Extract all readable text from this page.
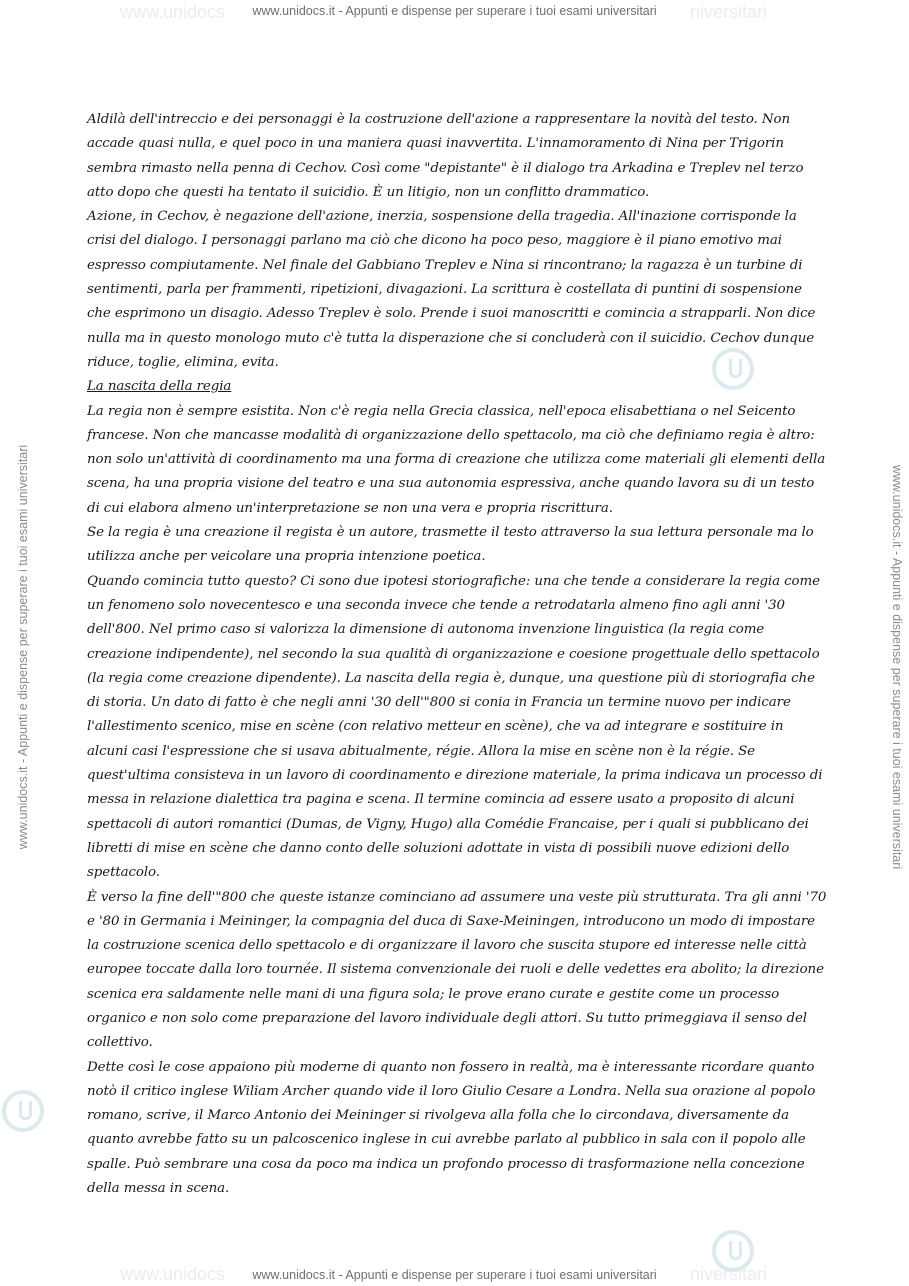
www.unidocs	niversitari
www.unidocs.it - Appunti e dispense per superare i tuoi esami universitari
www.unidocs	niversitari
www.unidocs.it - Appunti e dispense per superare i tuoi esami universitari
www.unidocs.it - Appunti e dispense per superare i tuoi esami universitari	www.unidocs.it - Appunti e dispense per superare i tuoi esami universitari

Aldilà dell'intreccio e dei personaggi è la costruzione dell'azione a rappresentare la novità del testo. Non accade quasi nulla, e quel poco in una maniera quasi inavvertita. L'innamoramento di Nina per Trigorin sembra rimasto nella penna di Cechov. Così come "depistante" è il dialogo tra Arkadina e Treplev nel terzo atto dopo che questi ha tentato il suicidio. È un litigio, non un conflitto drammatico.

Azione, in Cechov, è negazione dell'azione, inerzia, sospensione della tragedia. All'inazione corrisponde la crisi del dialogo. I personaggi parlano ma ciò che dicono ha poco peso, maggiore è il piano emotivo mai espresso compiutamente. Nel finale del Gabbiano Treplev e Nina si rincontrano; la ragazza è un turbine di sentimenti, parla per frammenti, ripetizioni, divagazioni. La scrittura è costellata di puntini di sospensione che esprimono un disagio. Adesso Treplev è solo. Prende i suoi manoscritti e comincia a strapparli. Non dice nulla ma in questo monologo muto c'è tutta la disperazione che si concluderà con il suicidio. Cechov dunque riduce, toglie, elimina, evita.

La nascita della regia

La regia non è sempre esistita. Non c'è regia nella Grecia classica, nell'epoca elisabettiana o nel Seicento francese. Non che mancasse modalità di organizzazione dello spettacolo, ma ciò che definiamo regia è altro: non solo un'attività di coordinamento ma una forma di creazione che utilizza come materiali gli elementi della scena, ha una propria visione del teatro e una sua autonomia espressiva, anche quando lavora su di un testo di cui elabora almeno un'interpretazione se non una vera e propria riscrittura.

Se la regia è una creazione il regista è un autore, trasmette il testo attraverso la sua lettura personale ma lo utilizza anche per veicolare una propria intenzione poetica.

Quando comincia tutto questo? Ci sono due ipotesi storiografiche: una che tende a considerare la regia come un fenomeno solo novecentesco e una seconda invece che tende a retrodatarla almeno fino agli anni '30 dell'800. Nel primo caso si valorizza la dimensione di autonoma invenzione linguistica (la regia come creazione indipendente), nel secondo la sua qualità di organizzazione e coesione progettuale dello spettacolo (la regia come creazione dipendente). La nascita della regia è, dunque, una questione più di storiografia che di storia. Un dato di fatto è che negli anni '30 dell'"800 si conia in Francia un termine nuovo per indicare l'allestimento scenico, mise en scène (con relativo metteur en scène), che va ad integrare e sostituire in alcuni casi l'espressione che si usava abitualmente, régie. Allora la mise en scène non è la régie. Se quest'ultima consisteva in un lavoro di coordinamento e direzione materiale, la prima indicava un processo di messa in relazione dialettica tra pagina e scena. Il termine comincia ad essere usato a proposito di alcuni spettacoli di autori romantici (Dumas, de Vigny, Hugo) alla Comédie Francaise, per i quali si pubblicano dei libretti di mise en scène che danno conto delle soluzioni adottate in vista di possibili nuove edizioni dello spettacolo.

È verso la fine dell'"800 che queste istanze cominciano ad assumere una veste più strutturata. Tra gli anni '70 e '80 in Germania i Meininger, la compagnia del duca di Saxe-Meiningen, introducono un modo di impostare la costruzione scenica dello spettacolo e di organizzare il lavoro che suscita stupore ed interesse nelle città europee toccate dalla loro tournée. Il sistema convenzionale dei ruoli e delle vedettes era abolito; la direzione scenica era saldamente nelle mani di una figura sola; le prove erano curate e gestite come un processo organico e non solo come preparazione del lavoro individuale degli attori. Su tutto primeggiava il senso del collettivo.

Dette così le cose appaiono più moderne di quanto non fossero in realtà, ma è interessante ricordare quanto notò il critico inglese Wiliam Archer quando vide il loro Giulio Cesare a Londra. Nella sua orazione al popolo romano, scrive, il Marco Antonio dei Meininger si rivolgeva alla folla che lo circondava, diversamente da quanto avrebbe fatto su un palcoscenico inglese in cui avrebbe parlato al pubblico in sala con il popolo alle spalle. Può sembrare una cosa da poco ma indica un profondo processo di trasformazione nella concezione della messa in scena.
